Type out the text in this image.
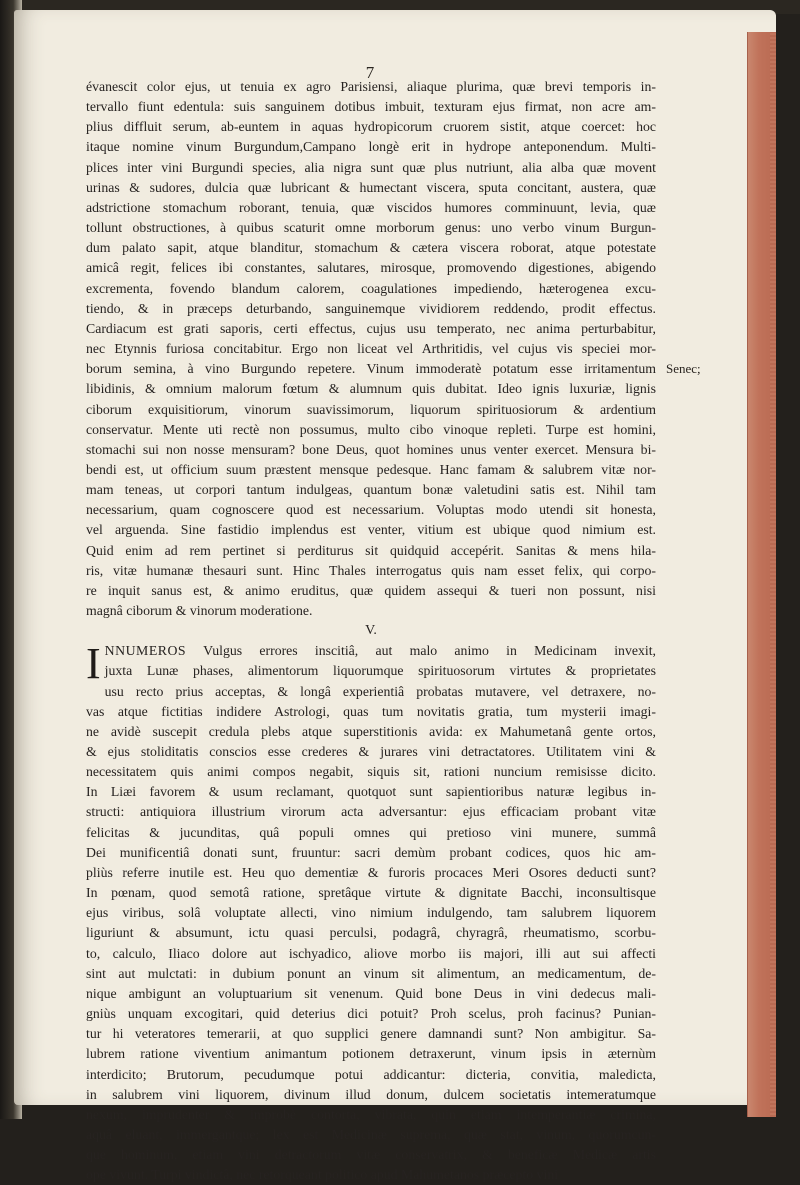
7
Senec;
évanescit color ejus, ut tenuia ex agro Parisiensi, aliaque plurima, quæ brevi temporis in-
tervallo fiunt edentula: suis sanguinem dotibus imbuit, texturam ejus firmat, non acre am-
plius diffluit serum, ab-euntem in aquas hydropicorum cruorem sistit, atque coercet: hoc
itaque nomine vinum Burgundum,Campano longè erit in hydrope anteponendum. Multi-
plices inter vini Burgundi species, alia nigra sunt quæ plus nutriunt, alia alba quæ movent
urinas & sudores, dulcia quæ lubricant & humectant viscera, sputa concitant, austera, quæ
adstrictione stomachum roborant, tenuia, quæ viscidos humores comminuunt, levia, quæ
tollunt obstructiones, à quibus scaturit omne morborum genus: uno verbo vinum Burgun-
dum palato sapit, atque blanditur, stomachum & cætera viscera roborat, atque potestate
amicâ regit, felices ibi constantes, salutares, mirosque, promovendo digestiones, abigendo
excrementa, fovendo blandum calorem, coagulationes impediendo, hæterogenea excu-
tiendo, & in præceps deturbando, sanguinemque vividiorem reddendo, prodit effectus.
Cardiacum est grati saporis, certi effectus, cujus usu temperato, nec anima perturbabitur,
nec Etynnis furiosa concitabitur. Ergo non liceat vel Arthritidis, vel cujus vis speciei mor-
borum semina, à vino Burgundo repetere. Vinum immoderatè potatum esse irritamentum
libidinis, & omnium malorum fœtum & alumnum quis dubitat. Ideo ignis luxuriæ, lignis
ciborum exquisitiorum, vinorum suavissimorum, liquorum spirituosiorum & ardentium
conservatur. Mente uti rectè non possumus, multo cibo vinoque repleti. Turpe est homini,
stomachi sui non nosse mensuram? bone Deus, quot homines unus venter exercet. Mensura bi-
bendi est, ut officium suum præstent mensque pedesque. Hanc famam & salubrem vitæ nor-
mam teneas, ut corpori tantum indulgeas, quantum bonæ valetudini satis est. Nihil tam
necessarium, quam cognoscere quod est necessarium. Voluptas modo utendi sit honesta,
vel arguenda. Sine fastidio implendus est venter, vitium est ubique quod nimium est.
Quid enim ad rem pertinet si perditurus sit quidquid accepérit. Sanitas & mens hila-
ris, vitæ humanæ thesauri sunt. Hinc Thales interrogatus quis nam esset felix, qui corpo-
re inquit sanus est, & animo eruditus, quæ quidem assequi & tueri non possunt, nisi
magnâ ciborum & vinorum moderatione.
V.
I NNUMEROS Vulgus errores inscitiâ, aut malo animo in Medicinam invexit,
juxta Lunæ phases, alimentorum liquorumque spirituosorum virtutes & proprietates
usu recto prius acceptas, & longâ experientiâ probatas mutavere, vel detraxere, no-
vas atque fictitias indidere Astrologi, quas tum novitatis gratia, tum mysterii imagi-
ne avidè suscepit credula plebs atque superstitionis avida: ex Mahumetanâ gente ortos,
& ejus stoliditatis conscios esse crederes & jurares vini detractatores. Utilitatem vini &
necessitatem quis animi compos negabit, siquis sit, rationi nuncium remisisse dicito.
In Liæi favorem & usum reclamant, quotquot sunt sapientioribus naturæ legibus in-
structi: antiquiora illustrium virorum acta adversantur: ejus efficaciam probant vitæ
felicitas & jucunditas, quâ populi omnes qui pretioso vini munere, summâ
Dei munificentiâ donati sunt, fruuntur: sacri demùm probant codices, quos hic am-
pliùs referre inutile est. Heu quo dementiæ & furoris procaces Meri Osores deducti sunt?
In pœnam, quod semotâ ratione, spretâque virtute & dignitate Bacchi, inconsultisque
ejus viribus, solâ voluptate allecti, vino nimium indulgendo, tam salubrem liquorem
liguriunt & absumunt, ictu quasi perculsi, podagrâ, chyragrâ, rheumatismo, scorbu-
to, calculo, Iliaco dolore aut ischyadico, aliove morbo iis majori, illi aut sui affecti
sint aut mulctati: in dubium ponunt an vinum sit alimentum, an medicamentum, de-
nique ambigunt an voluptuarium sit venenum. Quid bone Deus in vini dedecus mali-
gniùs unquam excogitari, quid deterius dici potuit? Proh scelus, proh facinus? Punian-
tur hi veteratores temerarii, at quo supplici genere damnandi sunt? Non ambigitur. Sa-
lubrem ratione viventium animantum potionem detraxerunt, vinum ipsis in æternùm
interdicito; Brutorum, pecudumque potui addicantur: dicteria, convitia, maledicta,
in salubrem vini liquorem, divinum illud donum, dulcem societatis intemeratumque
nexum, imprudenter & improbè contorta, vibrata, quin etiam intemperantiæ crimina,
aquâ eluant, immergantque; lex est Medicinæ suprema, quæ stat, vinum, quorumcun-
que hominum, etiam vini detractorum vitæ conservatrix, & beneficæ Medicæ artis
ope vivunt. Turpi vindictâ, nec retorqueant politico apud Mahumetanos præcepto vini
